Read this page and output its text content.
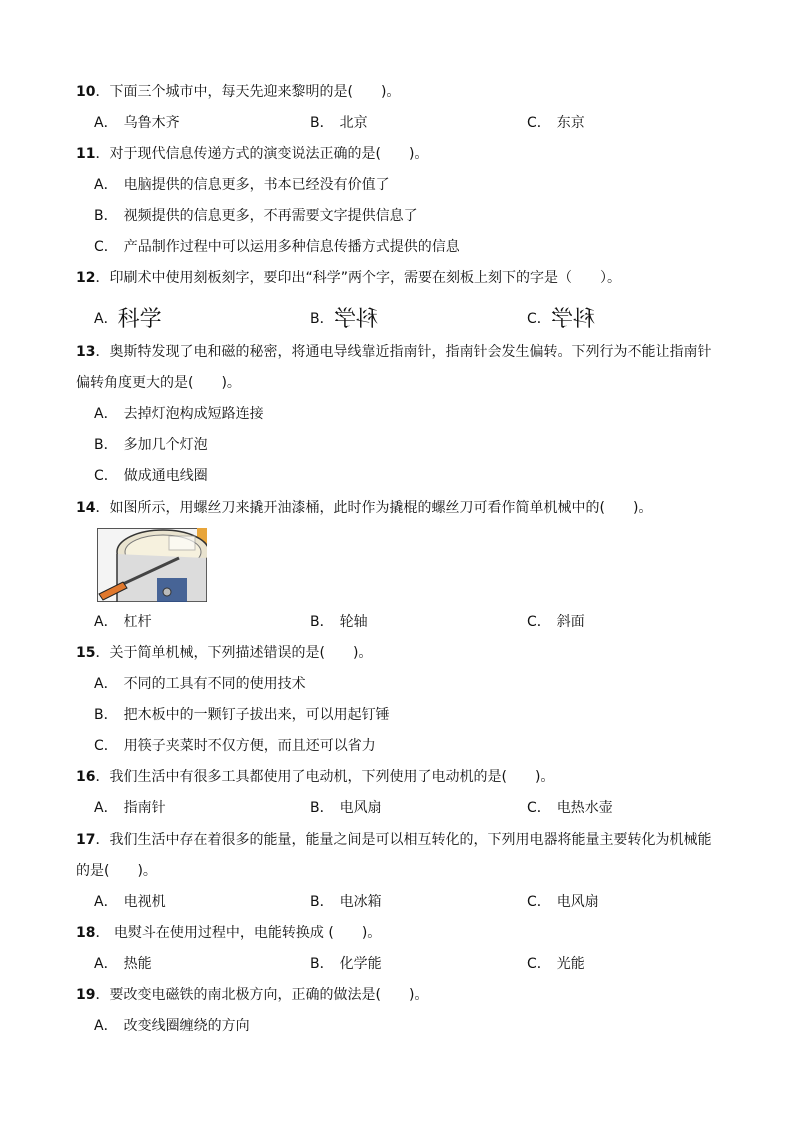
10．下面三个城市中，每天先迎来黎明的是(　　)。
A． 乌鲁木齐	B． 北京	C． 东京
11．对于现代信息传递方式的演变说法正确的是(　　)。
A． 电脑提供的信息更多，书本已经没有价值了
B． 视频提供的信息更多，不再需要文字提供信息了
C． 产品制作过程中可以运用多种信息传播方式提供的信息
12．印刷术中使用刻板刻字，要印出“科学”两个字，需要在刻板上刻下的字是（　　）。
A．科学	B．科学	C．科学
13．奥斯特发现了电和磁的秘密，将通电导线靠近指南针，指南针会发生偏转。下列行为不能让指南针
偏转角度更大的是(　　)。
A． 去掉灯泡构成短路连接
B． 多加几个灯泡
C． 做成通电线圈
14．如图所示，用螺丝刀来撬开油漆桶，此时作为撬棍的螺丝刀可看作简单机械中的(　　)。
A． 杠杆	B． 轮轴	C． 斜面
15．关于简单机械，下列描述错误的是(　　)。
A． 不同的工具有不同的使用技术
B． 把木板中的一颗钉子拔出来，可以用起钉锤
C． 用筷子夹菜时不仅方便，而且还可以省力
16．我们生活中有很多工具都使用了电动机，下列使用了电动机的是(　　)。
A． 指南针	B． 电风扇	C． 电热水壶
17．我们生活中存在着很多的能量，能量之间是可以相互转化的，下列用电器将能量主要转化为机械能
的是(　　)。
A． 电视机	B． 电冰箱	C． 电风扇
18． 电熨斗在使用过程中，电能转换成 (　　)。
A． 热能	B． 化学能	C． 光能
19．要改变电磁铁的南北极方向，正确的做法是(　　)。
A． 改变线圈缠绕的方向
